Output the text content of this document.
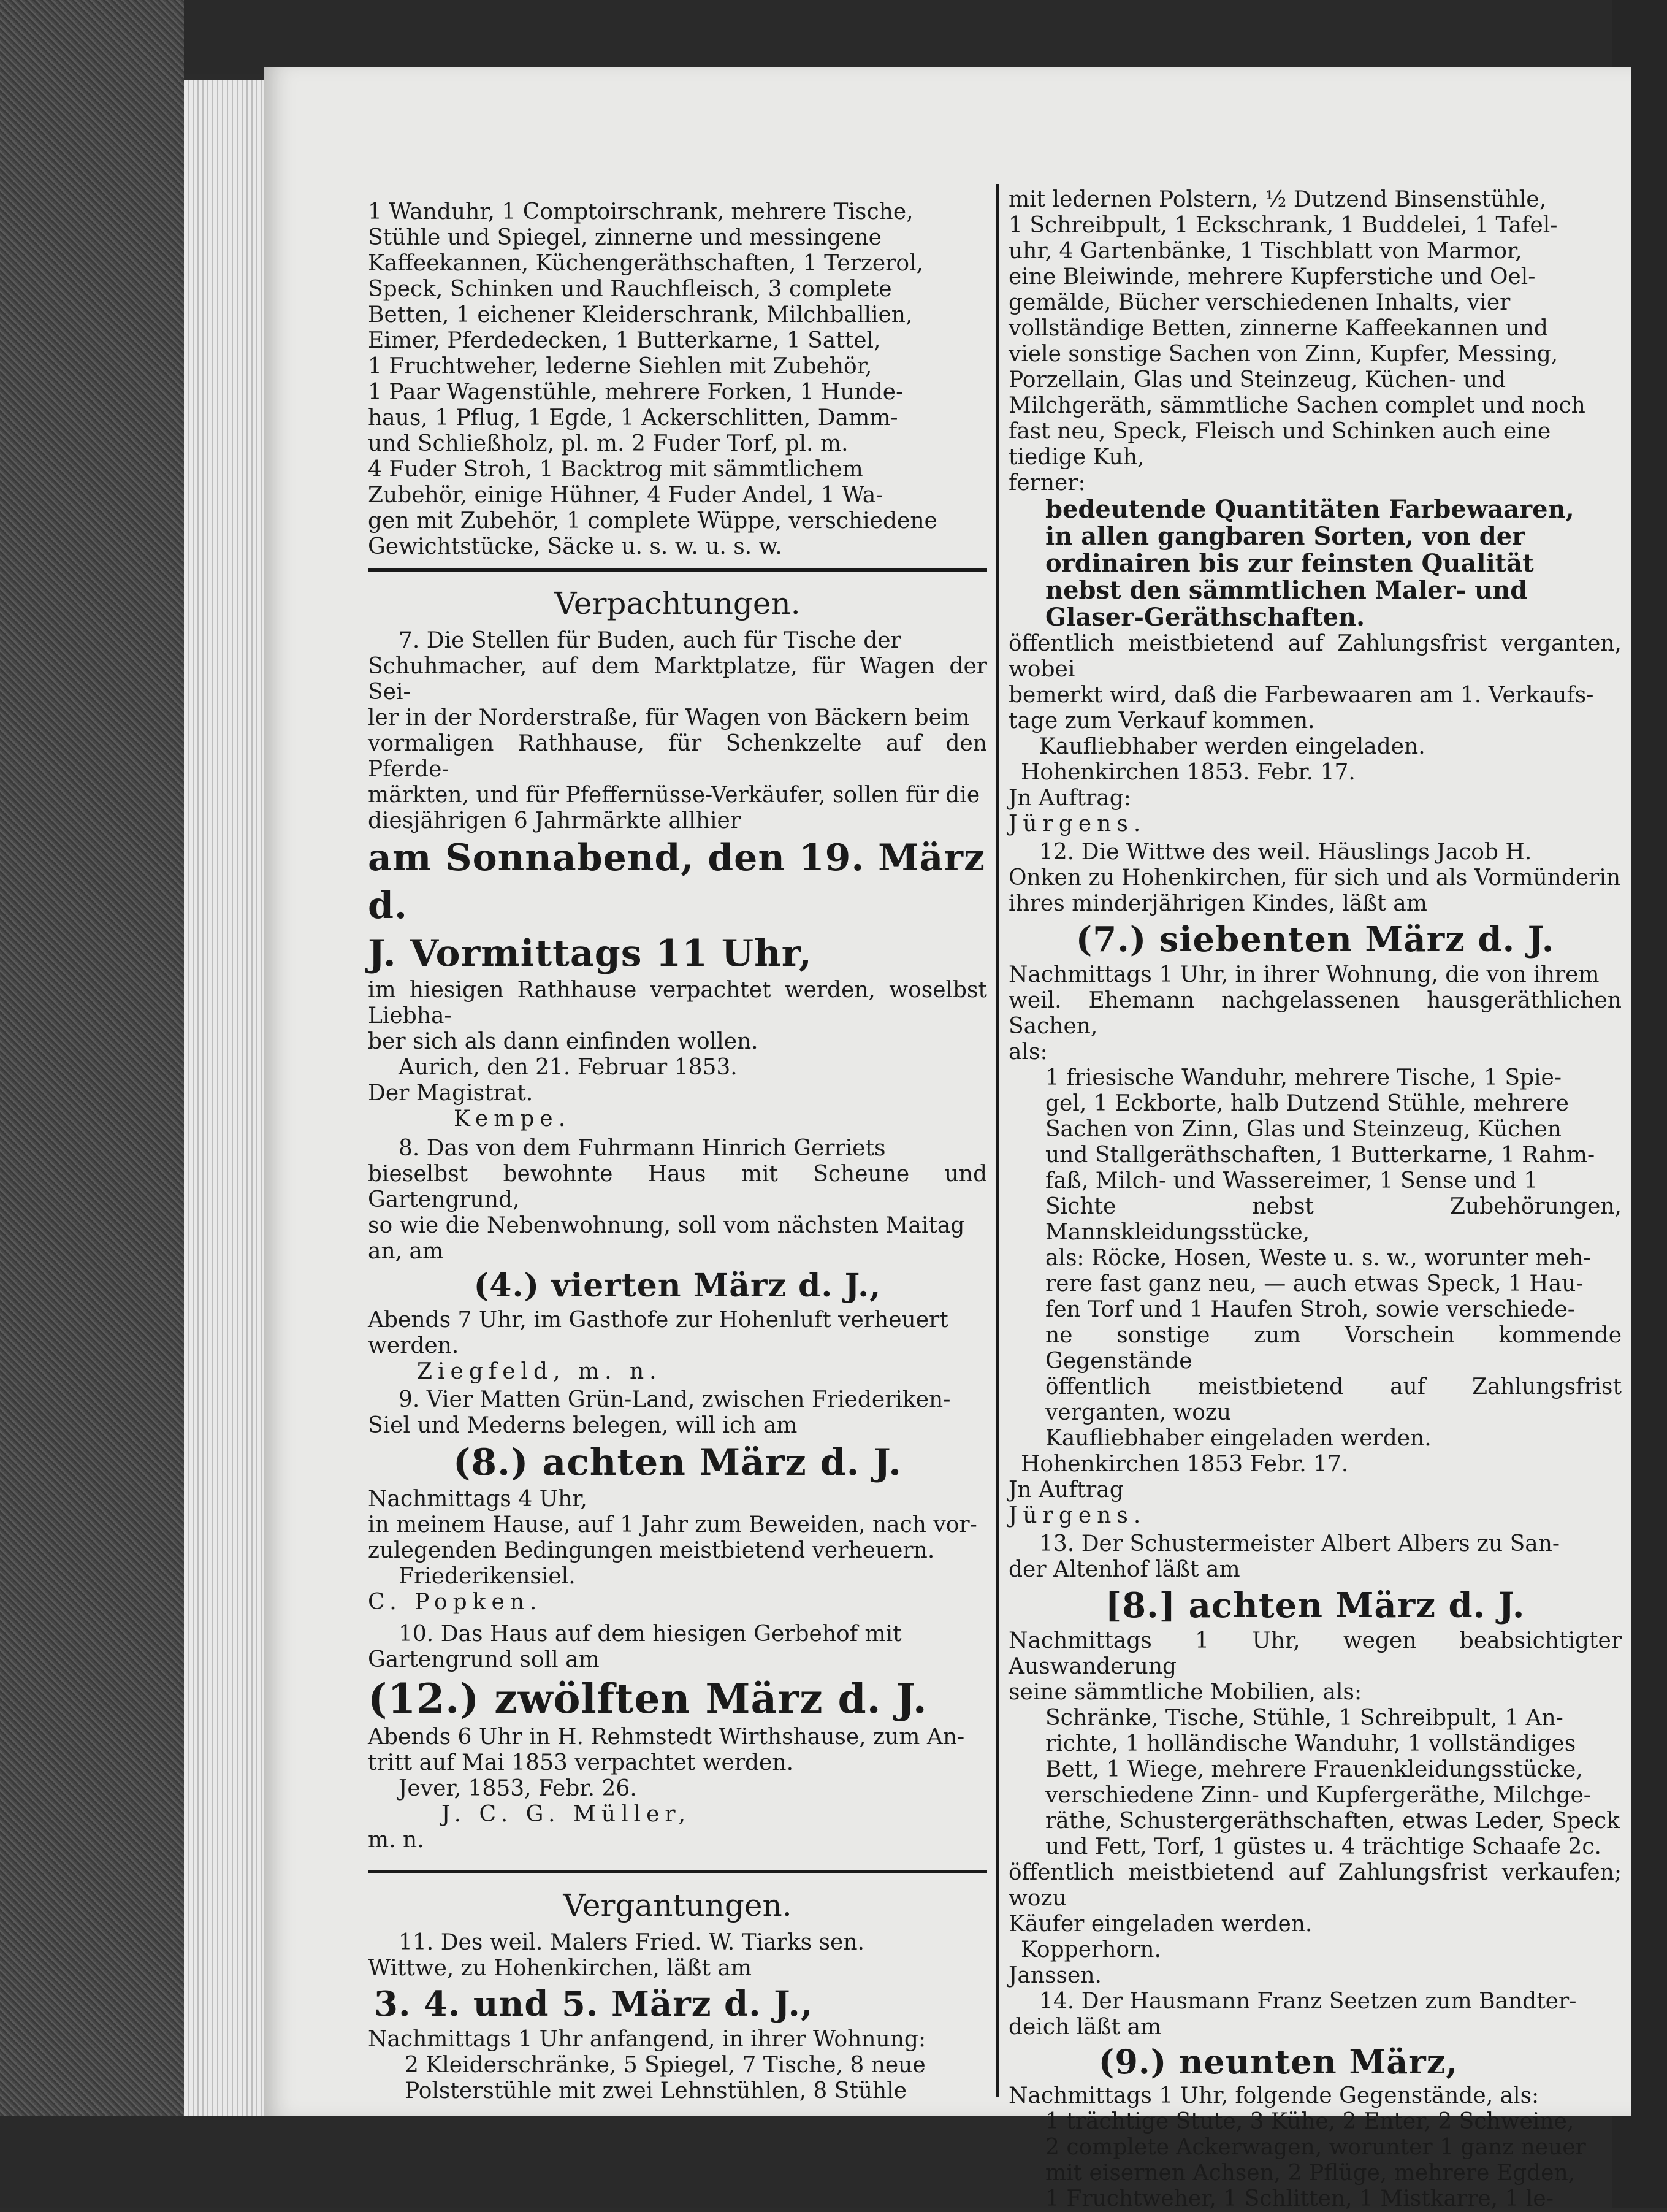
1 Wanduhr, 1 Comptoirschrank, mehrere Tische,

Stühle und Spiegel, zinnerne und messingene

Kaffeekannen, Küchengeräthschaften, 1 Terzerol,

Speck, Schinken und Rauchfleisch, 3 complete

Betten, 1 eichener Kleiderschrank, Milchballien,

Eimer, Pferdedecken, 1 Butterkarne, 1 Sattel,

1 Fruchtweher, lederne Siehlen mit Zubehör,

1 Paar Wagenstühle, mehrere Forken, 1 Hunde-

haus, 1 Pflug, 1 Egde, 1 Ackerschlitten, Damm-

und Schließholz, pl. m. 2 Fuder Torf, pl. m.

4 Fuder Stroh, 1 Backtrog mit sämmtlichem

Zubehör, einige Hühner, 4 Fuder Andel, 1 Wa-

gen mit Zubehör, 1 complete Wüppe, verschiedene

Gewichtstücke, Säcke u. s. w. u. s. w.

Verpachtungen.

7. Die Stellen für Buden, auch für Tische der

Schuhmacher, auf dem Marktplatze, für Wagen der Sei-

ler in der Norderstraße, für Wagen von Bäckern beim

vormaligen Rathhause, für Schenkzelte auf den Pferde-

märkten, und für Pfeffernüsse-Verkäufer, sollen für die

diesjährigen 6 Jahrmärkte allhier

am Sonnabend, den 19. März d.

J. Vormittags 11 Uhr,

im hiesigen Rathhause verpachtet werden, woselbst Liebha-

ber sich als dann einfinden wollen.

Aurich, den 21. Februar 1853.

Der Magistrat.

Kempe.

8. Das von dem Fuhrmann Hinrich Gerriets

bieselbst bewohnte Haus mit Scheune und Gartengrund,

so wie die Nebenwohnung, soll vom nächsten Maitag

an, am

(4.) vierten März d. J.,

Abends 7 Uhr, im Gasthofe zur Hohenluft verheuert

werden.

Ziegfeld, m. n.

9. Vier Matten Grün-Land, zwischen Friederiken-

Siel und Mederns belegen, will ich am

(8.) achten März d. J.

Nachmittags 4 Uhr,

in meinem Hause, auf 1 Jahr zum Beweiden, nach vor-

zulegenden Bedingungen meistbietend verheuern.

Friederikensiel.

C. Popken.

10. Das Haus auf dem hiesigen Gerbehof mit

Gartengrund soll am

(12.) zwölften März d. J.

Abends 6 Uhr in H. Rehmstedt Wirthshause, zum An-

tritt auf Mai 1853 verpachtet werden.

Jever, 1853, Febr. 26.

J. C. G. Müller,

m. n.

Vergantungen.

11. Des weil. Malers Fried. W. Tiarks sen.

Wittwe, zu Hohenkirchen, läßt am

3. 4. und 5. März d. J.,

Nachmittags 1 Uhr anfangend, in ihrer Wohnung:

2 Kleiderschränke, 5 Spiegel, 7 Tische, 8 neue

Polsterstühle mit zwei Lehnstühlen, 8 Stühle

mit ledernen Polstern, ½ Dutzend Binsenstühle,

1 Schreibpult, 1 Eckschrank, 1 Buddelei, 1 Tafel-

uhr, 4 Gartenbänke, 1 Tischblatt von Marmor,

eine Bleiwinde, mehrere Kupferstiche und Oel-

gemälde, Bücher verschiedenen Inhalts, vier

vollständige Betten, zinnerne Kaffeekannen und

viele sonstige Sachen von Zinn, Kupfer, Messing,

Porzellain, Glas und Steinzeug, Küchen- und

Milchgeräth, sämmtliche Sachen complet und noch

fast neu, Speck, Fleisch und Schinken auch eine

tiedige Kuh,

ferner:

bedeutende Quantitäten Farbewaaren,

in allen gangbaren Sorten, von der

ordinairen bis zur feinsten Qualität

nebst den sämmtlichen Maler- und

Glaser-Geräthschaften.

öffentlich meistbietend auf Zahlungsfrist verganten, wobei

bemerkt wird, daß die Farbewaaren am 1. Verkaufs-

tage zum Verkauf kommen.

Kaufliebhaber werden eingeladen.

Hohenkirchen 1853. Febr. 17.

Jn Auftrag:

Jürgens.

12. Die Wittwe des weil. Häuslings Jacob H.

Onken zu Hohenkirchen, für sich und als Vormünderin

ihres minderjährigen Kindes, läßt am

(7.) siebenten März d. J.

Nachmittags 1 Uhr, in ihrer Wohnung, die von ihrem

weil. Ehemann nachgelassenen hausgeräthlichen Sachen,

als:

1 friesische Wanduhr, mehrere Tische, 1 Spie-

gel, 1 Eckborte, halb Dutzend Stühle, mehrere

Sachen von Zinn, Glas und Steinzeug, Küchen

und Stallgeräthschaften, 1 Butterkarne, 1 Rahm-

faß, Milch- und Wassereimer, 1 Sense und 1

Sichte nebst Zubehörungen, Mannskleidungsstücke,

als: Röcke, Hosen, Weste u. s. w., worunter meh-

rere fast ganz neu, — auch etwas Speck, 1 Hau-

fen Torf und 1 Haufen Stroh, sowie verschiede-

ne sonstige zum Vorschein kommende Gegenstände

öffentlich meistbietend auf Zahlungsfrist verganten, wozu

Kaufliebhaber eingeladen werden.

Hohenkirchen 1853 Febr. 17.

Jn Auftrag

Jürgens.

13. Der Schustermeister Albert Albers zu San-

der Altenhof läßt am

[8.] achten März d. J.

Nachmittags 1 Uhr, wegen beabsichtigter Auswanderung

seine sämmtliche Mobilien, als:

Schränke, Tische, Stühle, 1 Schreibpult, 1 An-

richte, 1 holländische Wanduhr, 1 vollständiges

Bett, 1 Wiege, mehrere Frauenkleidungsstücke,

verschiedene Zinn- und Kupfergeräthe, Milchge-

räthe, Schustergeräthschaften, etwas Leder, Speck

und Fett, Torf, 1 güstes u. 4 trächtige Schaafe 2c.

öffentlich meistbietend auf Zahlungsfrist verkaufen; wozu

Käufer eingeladen werden.

Kopperhorn.

Janssen.

14. Der Hausmann Franz Seetzen zum Bandter-

deich läßt am

(9.) neunten März,

Nachmittags 1 Uhr, folgende Gegenstände, als:

1 trächtige Stute, 3 Kühe, 2 Enter, 2 Schweine,

2 complete Ackerwagen, worunter 1 ganz neuer

mit eisernen Achsen, 2 Pflüge, mehrere Egden,

1 Fruchtweher, 1 Schlitten, 1 Mistkarre, 1 le-
